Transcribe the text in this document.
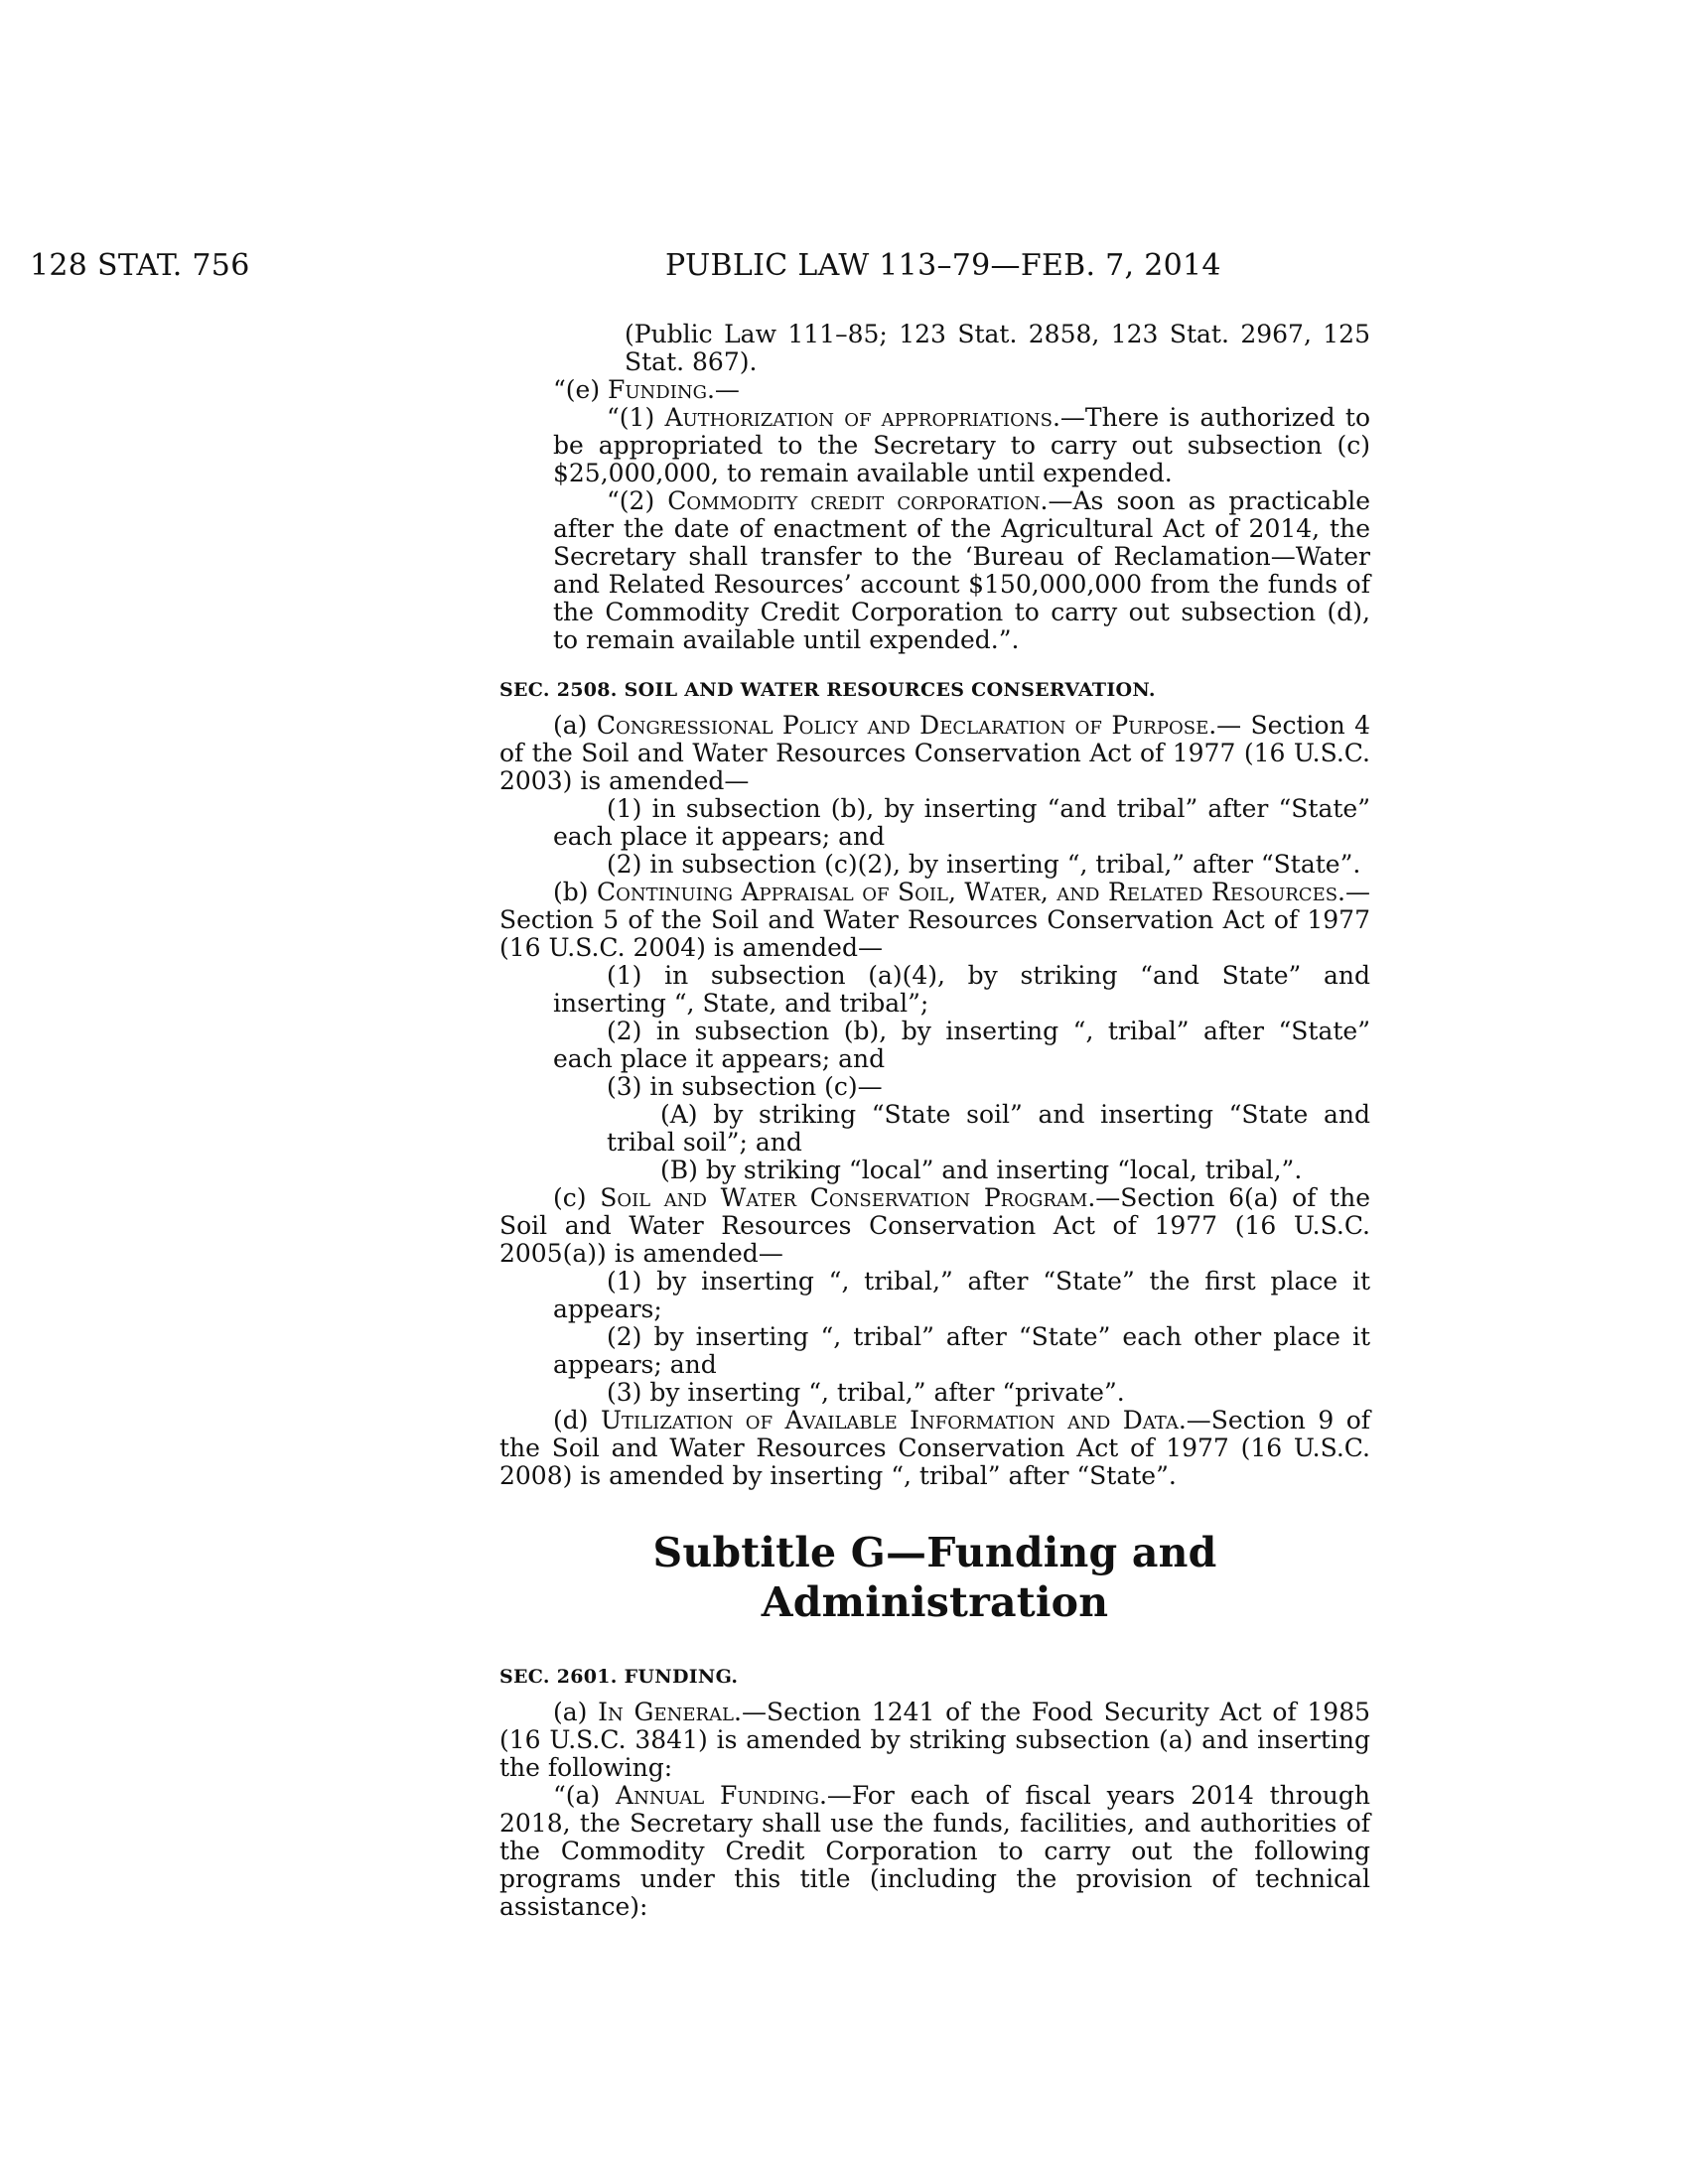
128 STAT. 756	PUBLIC LAW 113–79—FEB. 7, 2014

(Public Law 111–85; 123 Stat. 2858, 123 Stat. 2967, 125 Stat. 867).

“(e) Funding.—

“(1) Authorization of appropriations.—There is authorized to be appropriated to the Secretary to carry out subsection (c) $25,000,000, to remain available until expended.

“(2) Commodity credit corporation.—As soon as practicable after the date of enactment of the Agricultural Act of 2014, the Secretary shall transfer to the ‘Bureau of Reclamation—Water and Related Resources’ account $150,000,000 from the funds of the Commodity Credit Corporation to carry out subsection (d), to remain available until expended.”.

SEC. 2508. SOIL AND WATER RESOURCES CONSERVATION.

(a) Congressional Policy and Declaration of Purpose.— Section 4 of the Soil and Water Resources Conservation Act of 1977 (16 U.S.C. 2003) is amended—

(1) in subsection (b), by inserting “and tribal” after “State” each place it appears; and

(2) in subsection (c)(2), by inserting “, tribal,” after “State”.

(b) Continuing Appraisal of Soil, Water, and Related Resources.—Section 5 of the Soil and Water Resources Conservation Act of 1977 (16 U.S.C. 2004) is amended—

(1) in subsection (a)(4), by striking “and State” and inserting “, State, and tribal”;

(2) in subsection (b), by inserting “, tribal” after “State” each place it appears; and

(3) in subsection (c)—

(A) by striking “State soil” and inserting “State and tribal soil”; and

(B) by striking “local” and inserting “local, tribal,”.

(c) Soil and Water Conservation Program.—Section 6(a) of the Soil and Water Resources Conservation Act of 1977 (16 U.S.C. 2005(a)) is amended—

(1) by inserting “, tribal,” after “State” the first place it appears;

(2) by inserting “, tribal” after “State” each other place it appears; and

(3) by inserting “, tribal,” after “private”.

(d) Utilization of Available Information and Data.—Section 9 of the Soil and Water Resources Conservation Act of 1977 (16 U.S.C. 2008) is amended by inserting “, tribal” after “State”.

Subtitle G—Funding and Administration

SEC. 2601. FUNDING.

(a) In General.—Section 1241 of the Food Security Act of 1985 (16 U.S.C. 3841) is amended by striking subsection (a) and inserting the following:

“(a) Annual Funding.—For each of fiscal years 2014 through 2018, the Secretary shall use the funds, facilities, and authorities of the Commodity Credit Corporation to carry out the following programs under this title (including the provision of technical assistance):
